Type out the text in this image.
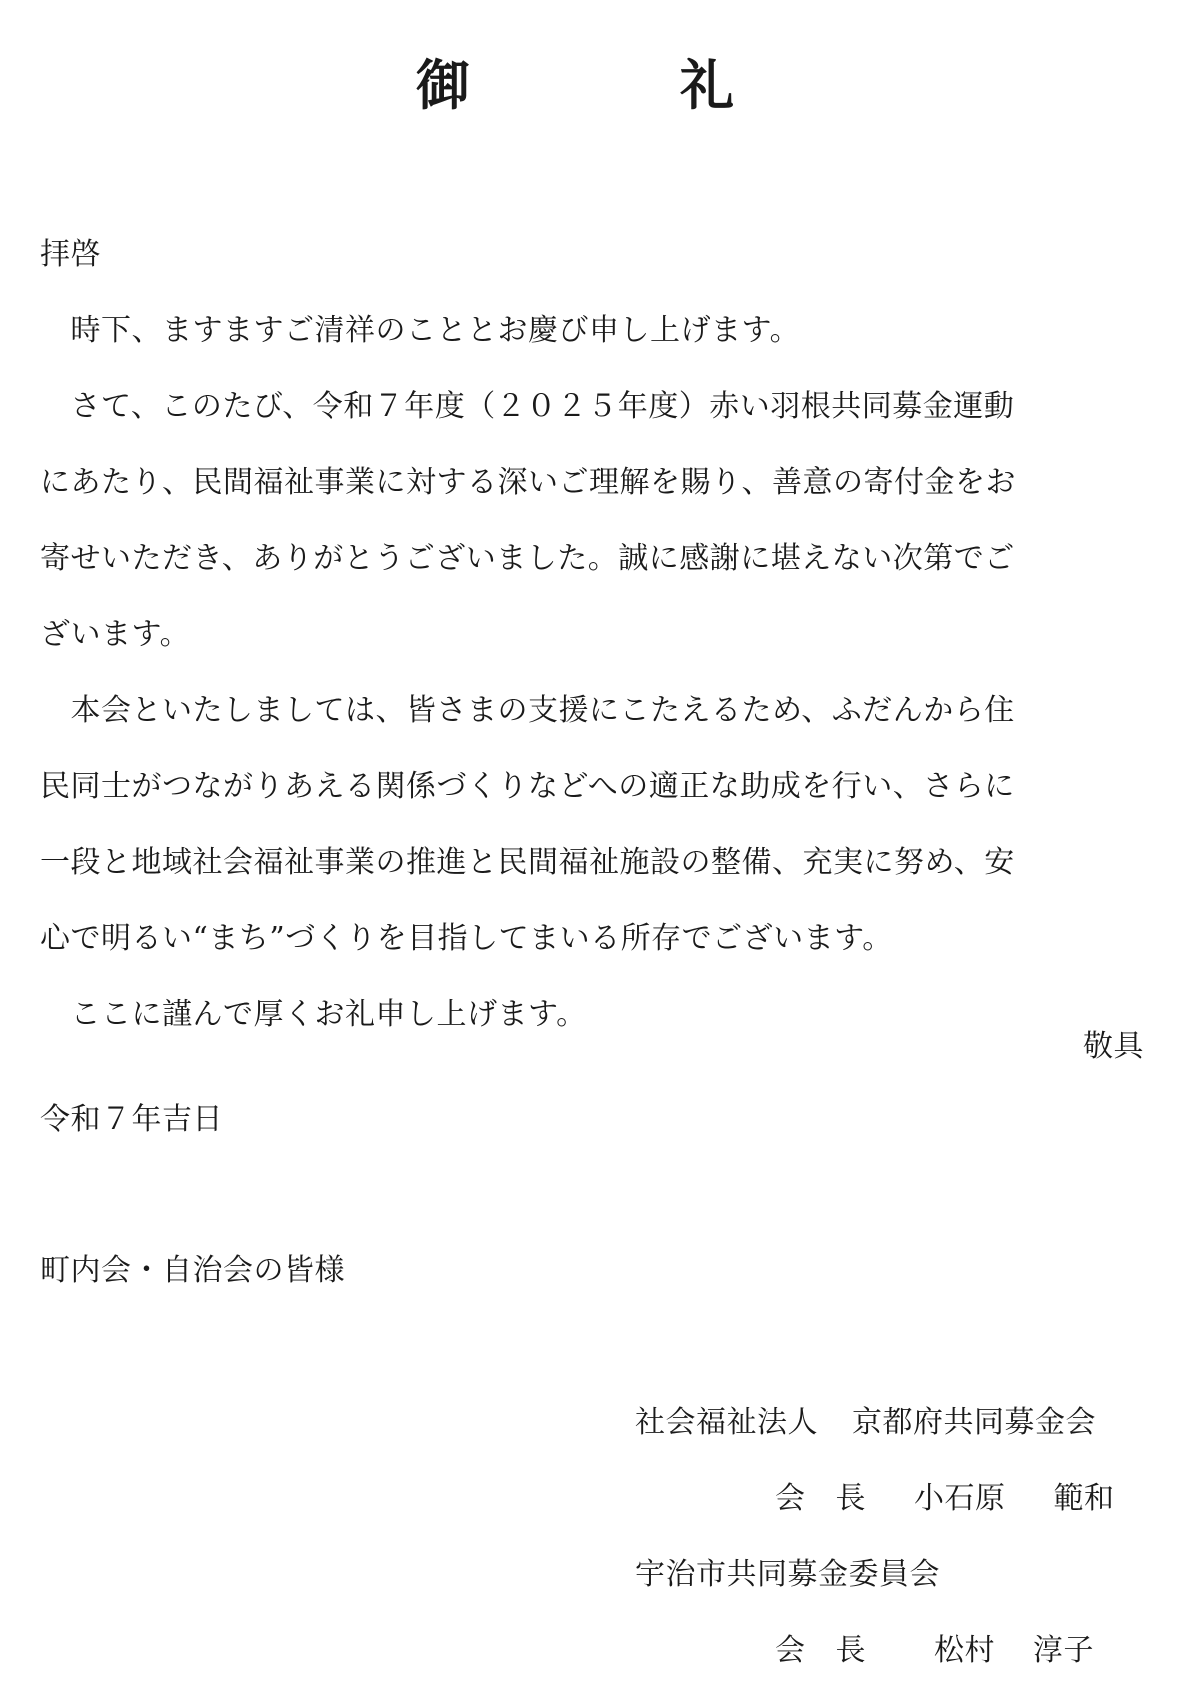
御礼
拝啓
　時下、ますますご清祥のこととお慶び申し上げます。
　さて、このたび、令和７年度（２０２５年度）赤い羽根共同募金運動
にあたり、民間福祉事業に対する深いご理解を賜り、善意の寄付金をお
寄せいただき、ありがとうございました。誠に感謝に堪えない次第でご
ざいます。
　本会といたしましては、皆さまの支援にこたえるため、ふだんから住
民同士がつながりあえる関係づくりなどへの適正な助成を行い、さらに
一段と地域社会福祉事業の推進と民間福祉施設の整備、充実に努め、安
心で明るい“まち”づくりを目指してまいる所存でございます。
　ここに謹んで厚くお礼申し上げます。
敬具
令和７年吉日
町内会・自治会の皆様
社会福祉法人 京都府共同募金会
会 長 小石原 範和
宇治市共同募金委員会
会 長 松村 淳子
